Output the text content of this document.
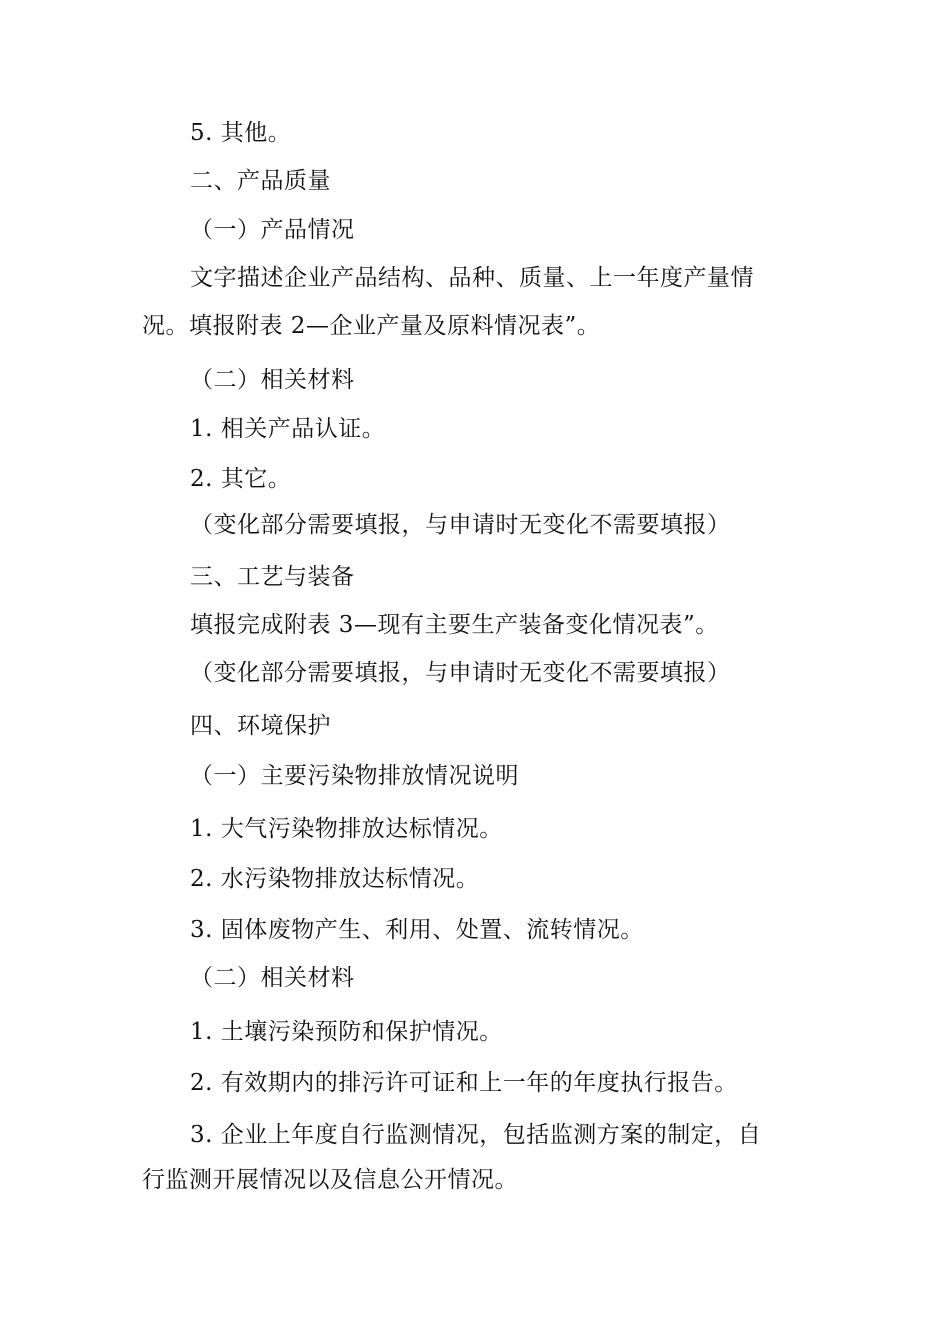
5. 其他。
二、产品质量
（一）产品情况
文字描述企业产品结构、品种、质量、上一年度产量情
况。填报附表 2—企业产量及原料情况表”。
（二）相关材料
1. 相关产品认证。
2. 其它。
（变化部分需要填报，与申请时无变化不需要填报）
三、工艺与装备
填报完成附表 3—现有主要生产装备变化情况表”。
（变化部分需要填报，与申请时无变化不需要填报）
四、环境保护
（一）主要污染物排放情况说明
1. 大气污染物排放达标情况。
2. 水污染物排放达标情况。
3. 固体废物产生、利用、处置、流转情况。
（二）相关材料
1. 土壤污染预防和保护情况。
2. 有效期内的排污许可证和上一年的年度执行报告。
3. 企业上年度自行监测情况，包括监测方案的制定，自
行监测开展情况以及信息公开情况。
